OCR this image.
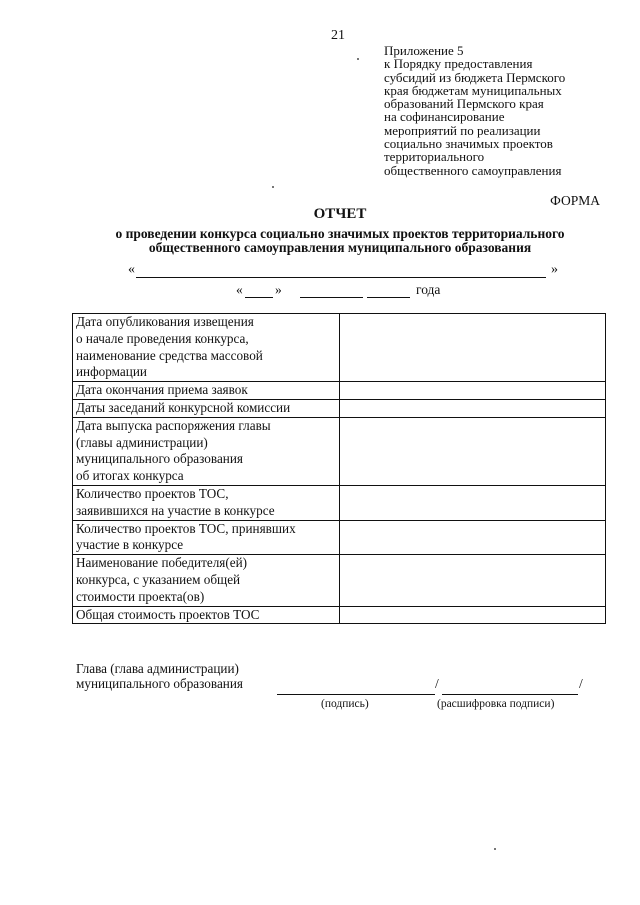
21
Приложение 5
к Порядку предоставления
субсидий из бюджета Пермского
края бюджетам муниципальных
образований Пермского края
на софинансирование
мероприятий по реализации
социально значимых проектов
территориального
общественного самоуправления
ФОРМА
ОТЧЕТ
о проведении конкурса социально значимых проектов территориального
общественного самоуправления муниципального образования
«	»
« »	года
Дата опубликования извещения
о начале проведения конкурса,
наименование средства массовой
информации	

Дата окончания приема заявок	

Даты заседаний конкурсной комиссии	

Дата выпуска распоряжения главы
(главы администрации)
муниципального образования
об итогах конкурса	

Количество проектов ТОС,
заявившихся на участие в конкурсе	

Количество проектов ТОС, принявших
участие в конкурсе	

Наименование победителя(ей)
конкурса, с указанием общей
стоимости проекта(ов)	

Общая стоимость проектов ТОС	

Глава (глава администрации)
муниципального образования	/	/
(подпись)	(расшифровка подписи)
